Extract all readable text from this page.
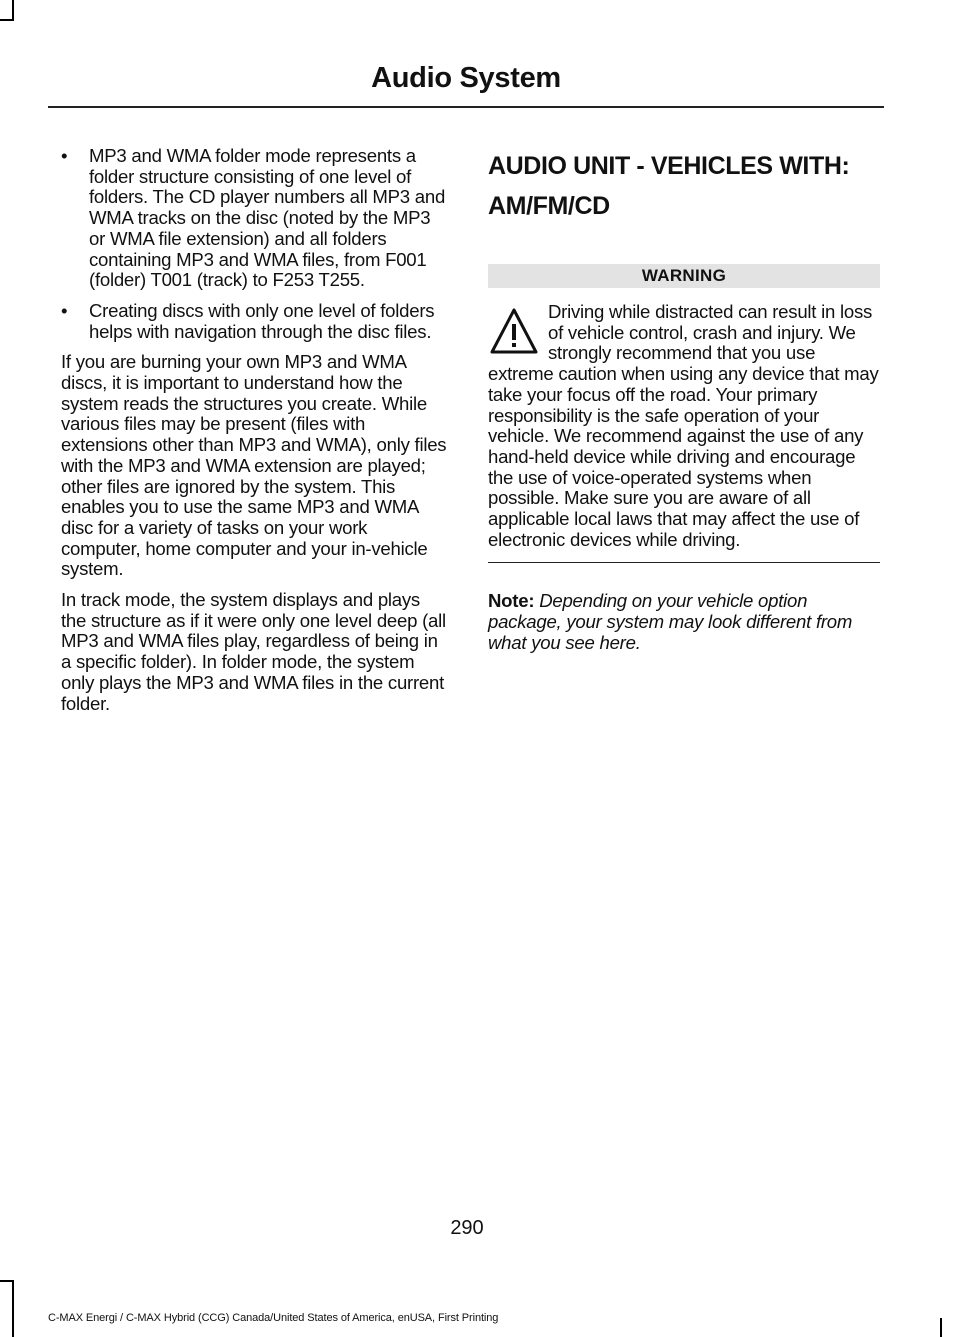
Audio System
• MP3 and WMA folder mode represents a folder structure consisting of one level of folders. The CD player numbers all MP3 and WMA tracks on the disc (noted by the MP3 or WMA file extension) and all folders containing MP3 and WMA files, from F001 (folder) T001 (track) to F253 T255.
• Creating discs with only one level of folders helps with navigation through the disc files.

If you are burning your own MP3 and WMA discs, it is important to understand how the system reads the structures you create. While various files may be present (files with extensions other than MP3 and WMA), only files with the MP3 and WMA extension are played; other files are ignored by the system. This enables you to use the same MP3 and WMA disc for a variety of tasks on your work computer, home computer and your in-vehicle system.

In track mode, the system displays and plays the structure as if it were only one level deep (all MP3 and WMA files play, regardless of being in a specific folder). In folder mode, the system only plays the MP3 and WMA files in the current folder.

AUDIO UNIT - VEHICLES WITH:
AM/FM/CD
WARNING
Driving while distracted can result in loss of vehicle control, crash and injury. We strongly recommend that you use extreme caution when using any device that may take your focus off the road. Your primary responsibility is the safe operation of your vehicle. We recommend against the use of any hand-held device while driving and encourage the use of voice-operated systems when possible. Make sure you are aware of all applicable local laws that may affect the use of electronic devices while driving.

Note: Depending on your vehicle option package, your system may look different from what you see here.

290
C-MAX Energi / C-MAX Hybrid (CCG) Canada/United States of America, enUSA, First Printing
